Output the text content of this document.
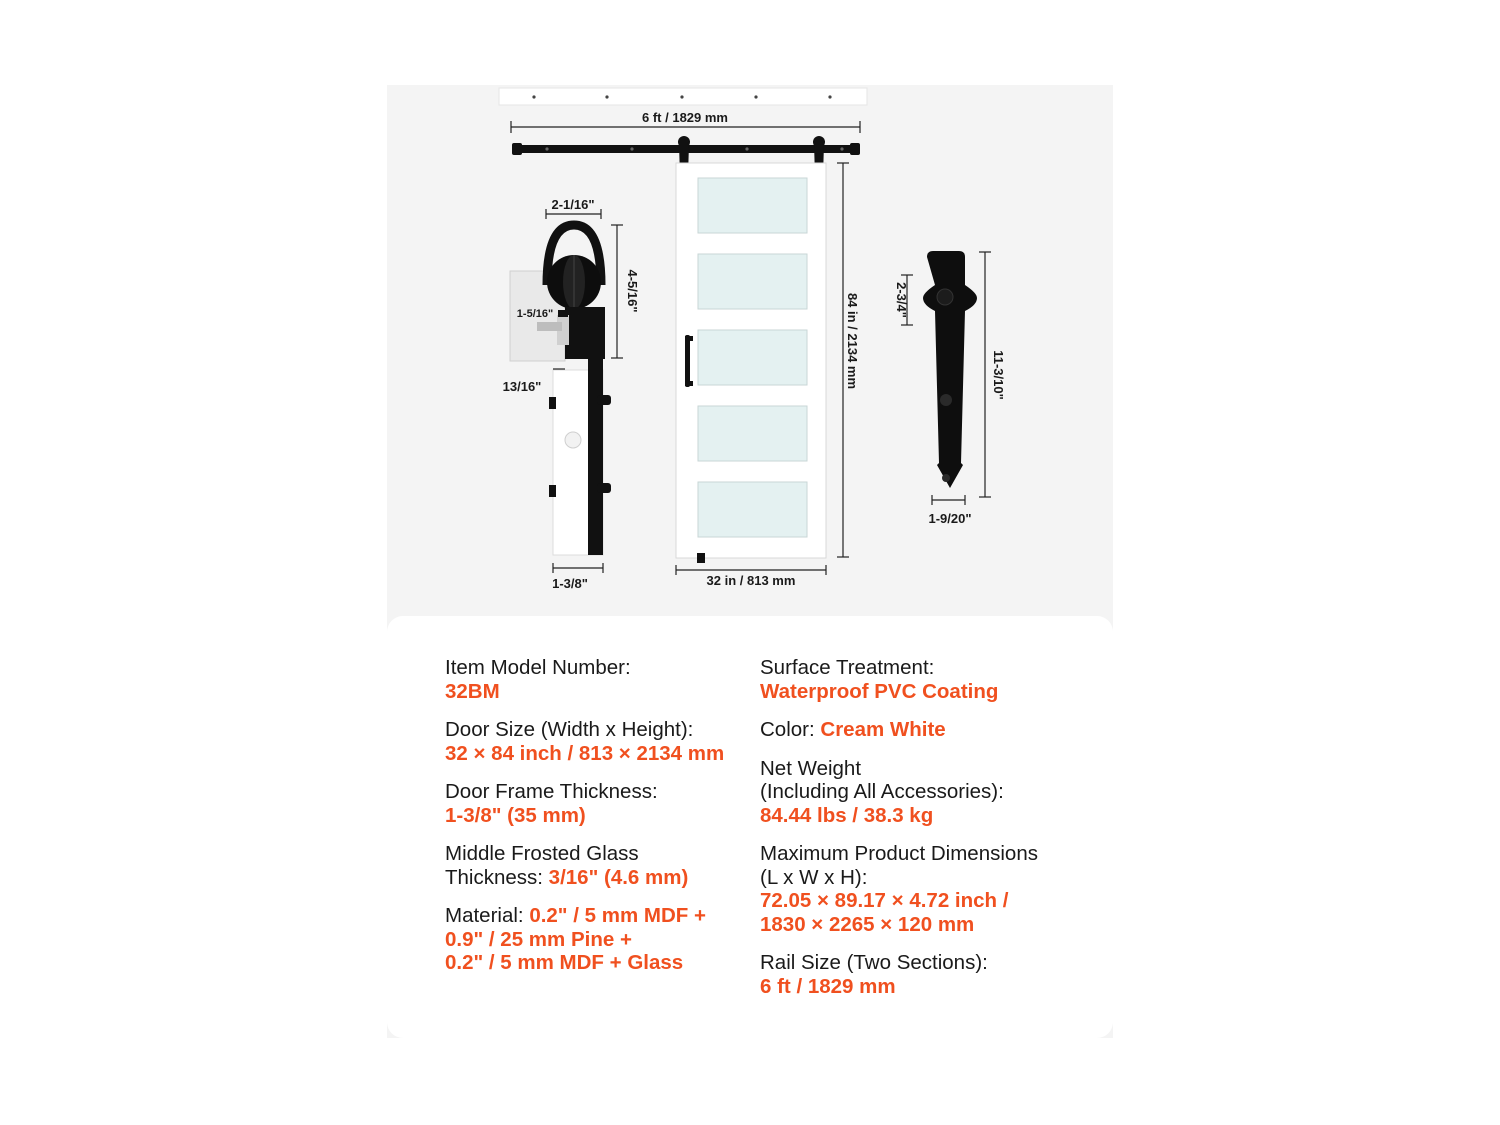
6 ft / 1829 mm
84 in / 2134 mm
32 in / 813 mm
2-1/16"
4-5/16"
1-5/16"
13/16"
1-3/8"
2-3/4"
11-3/10"
1-9/20"
Item Model Number:
32BM
Door Size (Width x Height):
32 × 84 inch / 813 × 2134 mm
Door Frame Thickness:
1-3/8" (35 mm)
Middle Frosted Glass
Thickness: 3/16" (4.6 mm)
Material: 0.2" / 5 mm MDF +
0.9" / 25 mm Pine +
0.2" / 5 mm MDF + Glass
Surface Treatment:
Waterproof PVC Coating
Color: Cream White
Net Weight
(Including All Accessories):
84.44 lbs / 38.3 kg
Maximum Product Dimensions
(L x W x H):
72.05 × 89.17 × 4.72 inch /
1830 × 2265 × 120 mm
Rail Size (Two Sections):
6 ft / 1829 mm
